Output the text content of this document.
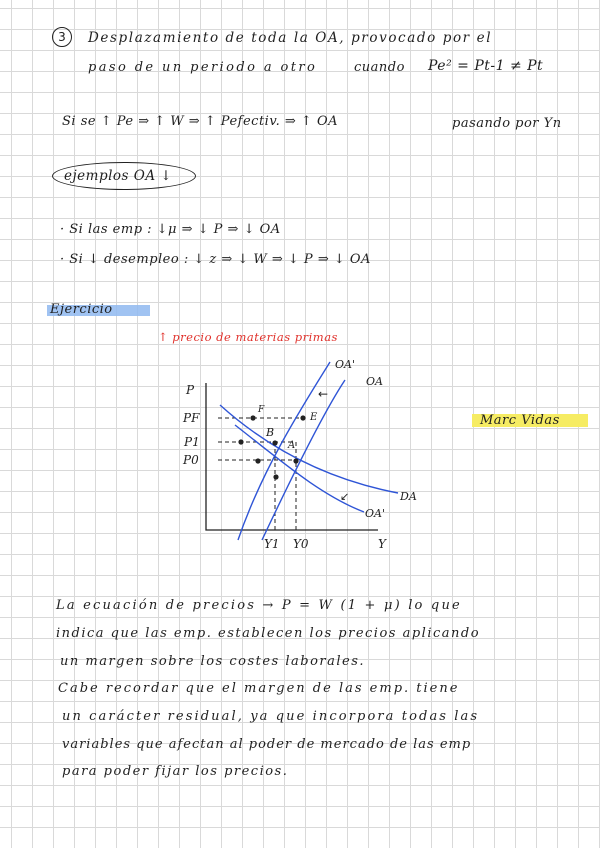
3 Desplazamiento de toda la OA, provocado por el
paso de un periodo a otro	cuando Pe² = Pt-1 ≠ Pt
Si se ↑ Pe ⇒ ↑ W ⇒ ↑ Pefectiv. ⇒ ↑ OA	pasando por Yn
ejemplos OA ↓
· Si las emp : ↓μ ⇒ ↓ P ⇒ ↓ OA
· Si ↓ desempleo : ↓ z ⇒ ↓ W ⇒ ↓ P ⇒ ↓ OA
Ejercicio
↑ precio de materias primas
Marc Vidas
←
↙
P
Y
PF
P1
P0
Y1 Y0
F
E
B
A
OA'
OA
DA
OA'
La ecuación de precios → P = W (1 + μ) lo que
indica que las emp. establecen los precios aplicando
un margen sobre los costes laborales.
Cabe recordar que el margen de las emp. tiene
un carácter residual, ya que incorpora todas las
variables que afectan al poder de mercado de las emp
para poder fijar los precios.
